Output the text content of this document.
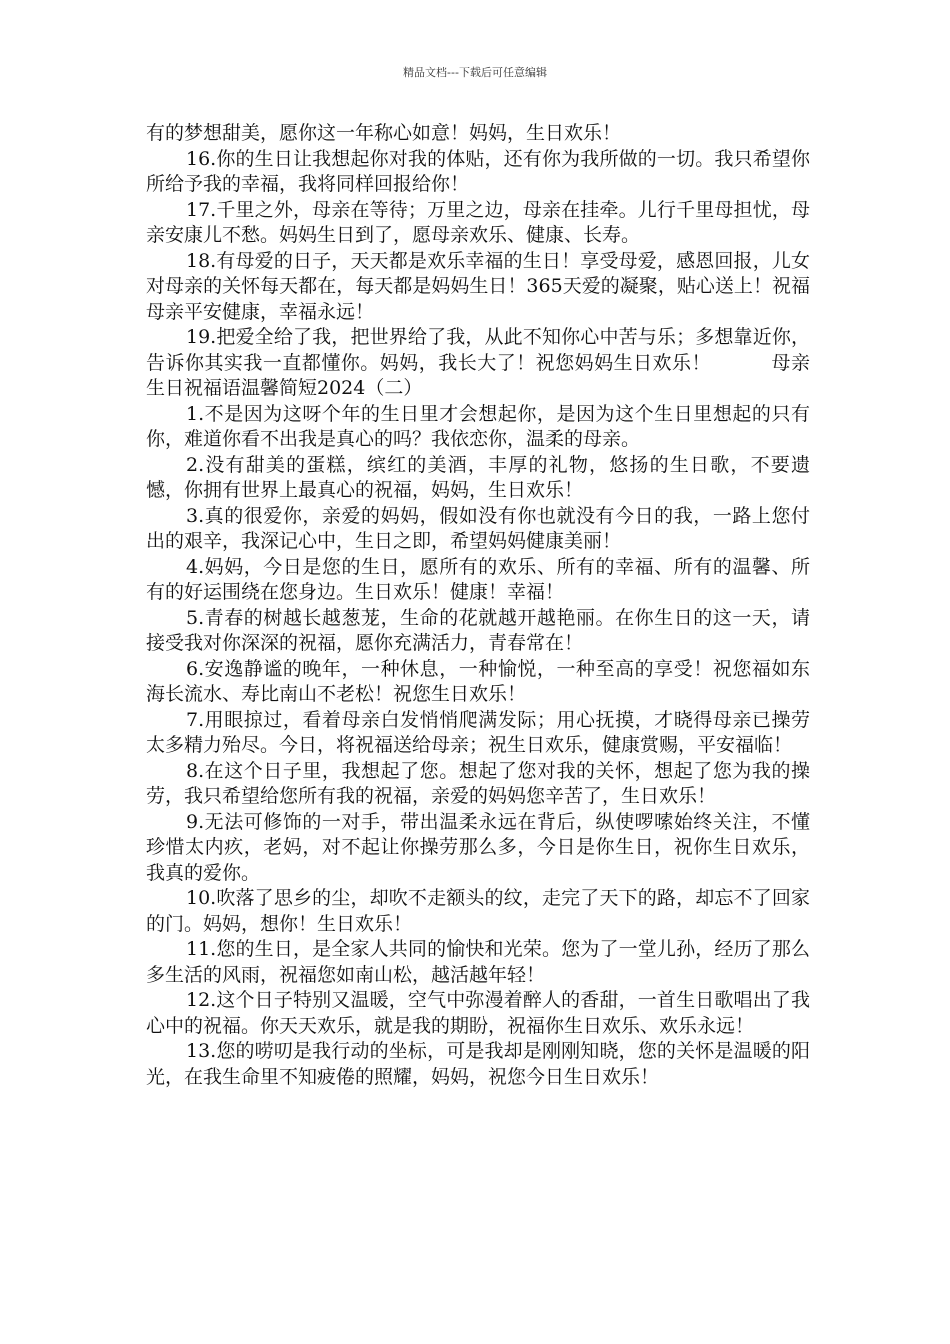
精品文档---下载后可任意编辑

有的梦想甜美，愿你这一年称心如意！妈妈，生日欢乐！

16.你的生日让我想起你对我的体贴，还有你为我所做的一切。我只希望你所给予我的幸福，我将同样回报给你！

17.千里之外，母亲在等待；万里之边，母亲在挂牵。儿行千里母担忧，母亲安康儿不愁。妈妈生日到了，愿母亲欢乐、健康、长寿。

18.有母爱的日子，天天都是欢乐幸福的生日！享受母爱，感恩回报，儿女对母亲的关怀每天都在，每天都是妈妈生日！365天爱的凝聚，贴心送上！祝福母亲平安健康，幸福永远！

19.把爱全给了我，把世界给了我，从此不知你心中苦与乐；多想靠近你，告诉你其实我一直都懂你。妈妈，我长大了！祝您妈妈生日欢乐！	母亲生日祝福语温馨简短2024（二）

1.不是因为这呀个年的生日里才会想起你，是因为这个生日里想起的只有你，难道你看不出我是真心的吗？我依恋你，温柔的母亲。

2.没有甜美的蛋糕，缤红的美酒，丰厚的礼物，悠扬的生日歌，不要遗憾，你拥有世界上最真心的祝福，妈妈，生日欢乐！

3.真的很爱你，亲爱的妈妈，假如没有你也就没有今日的我，一路上您付出的艰辛，我深记心中，生日之即，希望妈妈健康美丽！

4.妈妈，今日是您的生日，愿所有的欢乐、所有的幸福、所有的温馨、所有的好运围绕在您身边。生日欢乐！健康！幸福！

5.青春的树越长越葱茏，生命的花就越开越艳丽。在你生日的这一天，请接受我对你深深的祝福，愿你充满活力，青春常在！

6.安逸静谧的晚年，一种休息，一种愉悦，一种至高的享受！祝您福如东海长流水、寿比南山不老松！祝您生日欢乐！

7.用眼掠过，看着母亲白发悄悄爬满发际；用心抚摸，才晓得母亲已操劳太多精力殆尽。今日，将祝福送给母亲；祝生日欢乐，健康赏赐，平安福临！

8.在这个日子里，我想起了您。想起了您对我的关怀，想起了您为我的操劳，我只希望给您所有我的祝福，亲爱的妈妈您辛苦了，生日欢乐！

9.无法可修饰的一对手，带出温柔永远在背后，纵使啰嗦始终关注，不懂珍惜太内疚，老妈，对不起让你操劳那么多，今日是你生日，祝你生日欢乐，我真的爱你。

10.吹落了思乡的尘，却吹不走额头的纹，走完了天下的路，却忘不了回家的门。妈妈，想你！生日欢乐！

11.您的生日，是全家人共同的愉快和光荣。您为了一堂儿孙，经历了那么多生活的风雨，祝福您如南山松，越活越年轻！

12.这个日子特别又温暖，空气中弥漫着醉人的香甜，一首生日歌唱出了我心中的祝福。你天天欢乐，就是我的期盼，祝福你生日欢乐、欢乐永远！

13.您的唠叨是我行动的坐标，可是我却是刚刚知晓，您的关怀是温暖的阳光，在我生命里不知疲倦的照耀，妈妈，祝您今日生日欢乐！
